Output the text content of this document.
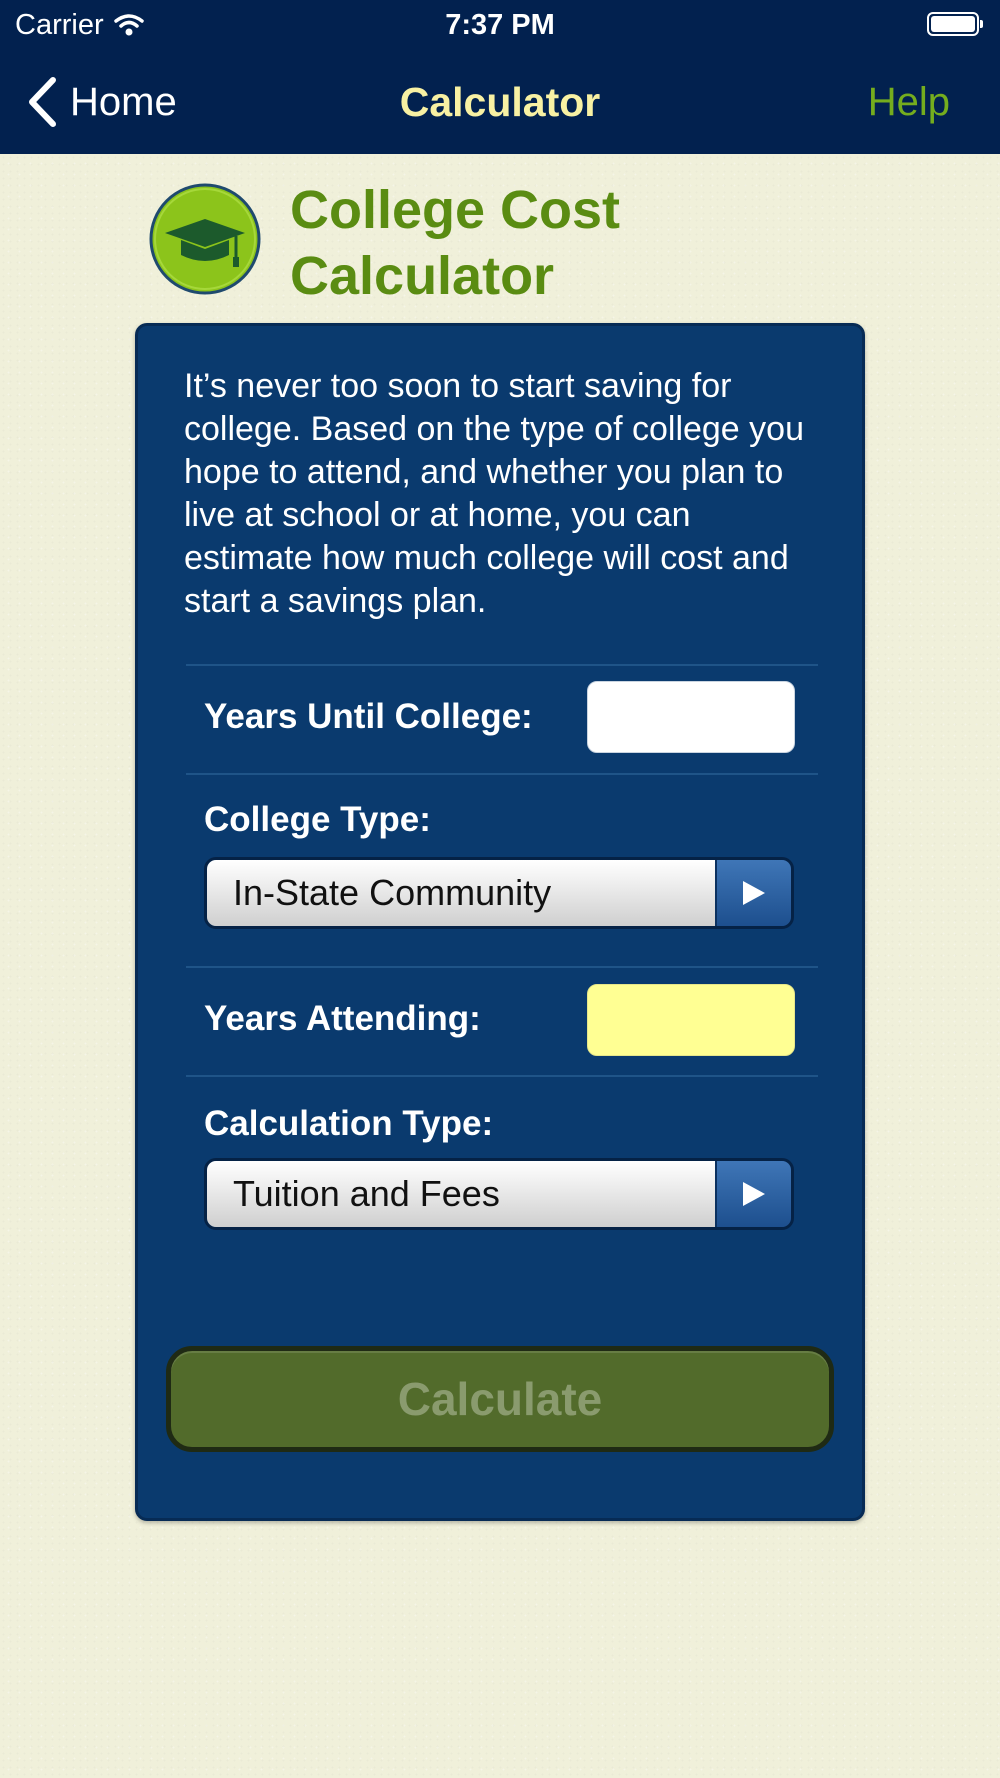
Carrier	7:37 PM
Home	Calculator	Help
College Cost
Calculator

It’s never too soon to start saving for college. Based on the type of college you hope to attend, and whether you plan to live at school or at home, you can estimate how much college will cost and start a savings plan.

Years Until College:
College Type:
In-State Community
Years Attending:
Calculation Type:
Tuition and Fees
Calculate
